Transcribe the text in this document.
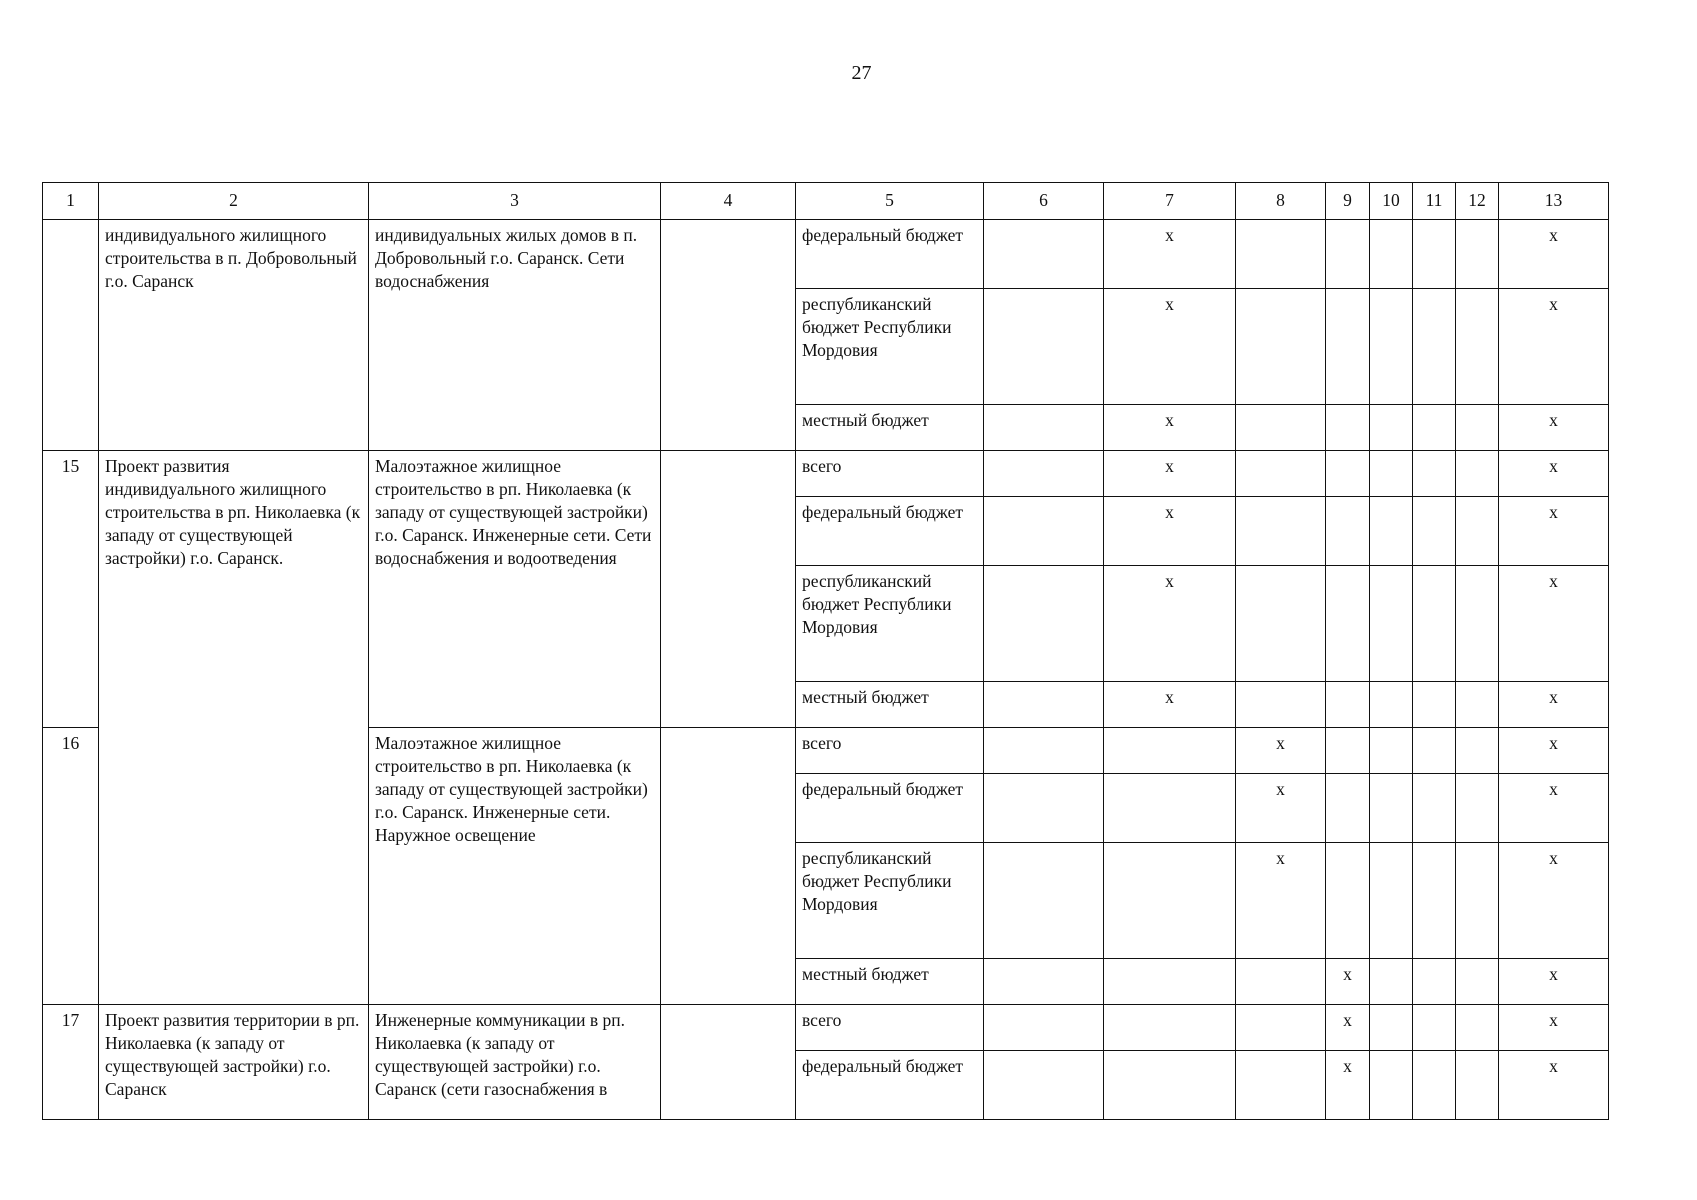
27
1	2	3	4	5	6	7	8	9	10	11	12	13
	индивидуального жилищного строительства в п. Добровольный г.о. Саранск	индивидуальных жилых домов в п. Добровольный г.о. Саранск. Сети водоснабжения		федеральный бюджет		x						x
				республиканский бюджет Республики Мордовия		x						x
				местный бюджет		x						x
15	Проект развития индивидуального жилищного строительства в рп. Николаевка (к западу от существующей застройки) г.о. Саранск.	Малоэтажное жилищное строительство в рп. Николаевка (к западу от существующей застройки) г.о. Саранск. Инженерные сети. Сети водоснабжения и водоотведения		всего		x						x
				федеральный бюджет		x						x
				республиканский бюджет Республики Мордовия		x						x
				местный бюджет		x						x
16		Малоэтажное жилищное строительство в рп. Николаевка (к западу от существующей застройки) г.о. Саранск. Инженерные сети. Наружное освещение		всего			x					x
				федеральный бюджет			x					x
				республиканский бюджет Республики Мордовия			x					x
				местный бюджет				x				x
17	Проект развития территории в рп. Николаевка (к западу от существующей застройки) г.о. Саранск	Инженерные коммуникации в рп. Николаевка (к западу от существующей застройки) г.о. Саранск (сети газоснабжения в		всего				x				x
				федеральный бюджет				x				x
